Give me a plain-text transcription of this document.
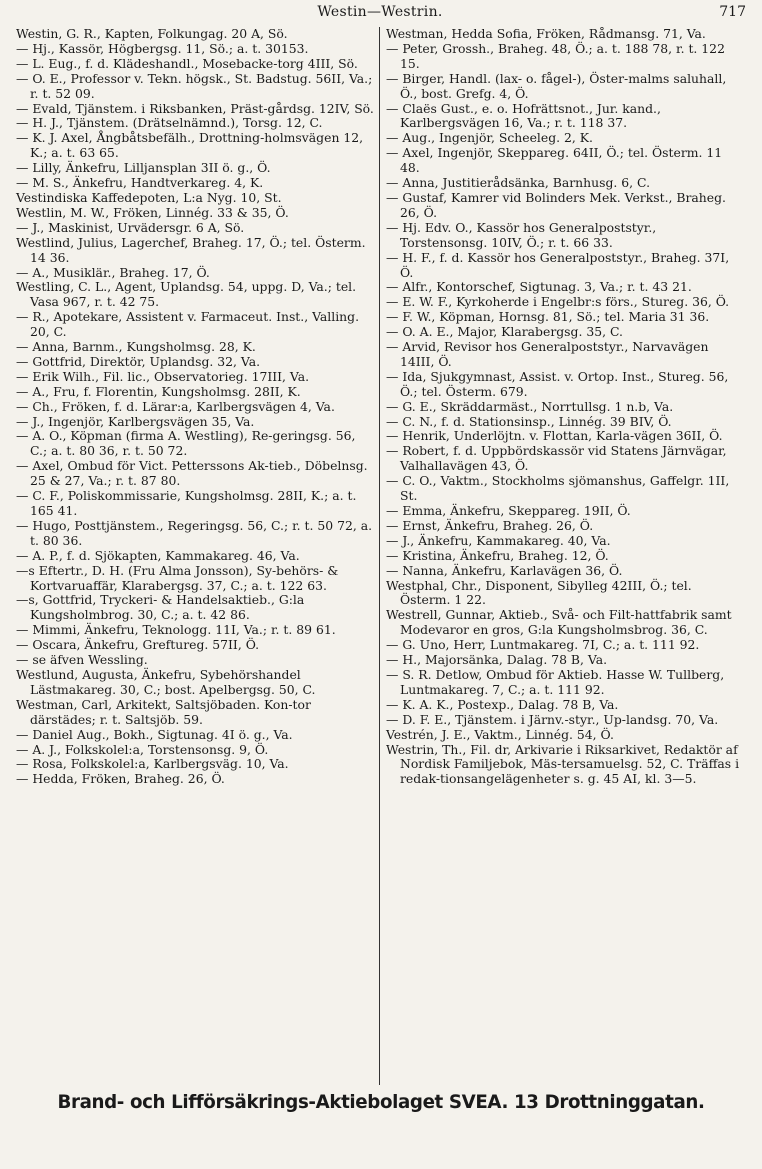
Westin—Westrin.	717
Westin, G. R., Kapten, Folkungag. 20 A, Sö.
— Hj., Kassör, Högbergsg. 11, Sö.; a. t. 30153.
— L. Eug., f. d. Klädeshandl., Mosebacke-torg 4III, Sö.
— O. E., Professor v. Tekn. högsk., St. Badstug. 56II, Va.; r. t. 52 09.
— Evald, Tjänstem. i Riksbanken, Präst-gårdsg. 12IV, Sö.
— H. J., Tjänstem. (Drätselnämnd.), Torsg. 12, C.
— K. J. Axel, Ångbåtsbefälh., Drottning-holmsvägen 12, K.; a. t. 63 65.
— Lilly, Änkefru, Lilljansplan 3II ö. g., Ö.
— M. S., Änkefru, Handtverkareg. 4, K.
Vestindiska Kaffedepoten, L:a Nyg. 10, St.
Westlin, M. W., Fröken, Linnég. 33 & 35, Ö.
— J., Maskinist, Urvädersgr. 6 A, Sö.
Westlind, Julius, Lagerchef, Braheg. 17, Ö.; tel. Österm. 14 36.
— A., Musiklär., Braheg. 17, Ö.
Westling, C. L., Agent, Uplandsg. 54, uppg. D, Va.; tel. Vasa 967, r. t. 42 75.
— R., Apotekare, Assistent v. Farmaceut. Inst., Valling. 20, C.
— Anna, Barnm., Kungsholmsg. 28, K.
— Gottfrid, Direktör, Uplandsg. 32, Va.
— Erik Wilh., Fil. lic., Observatorieg. 17III, Va.
— A., Fru, f. Florentin, Kungsholmsg. 28II, K.
— Ch., Fröken, f. d. Lärar:a, Karlbergsvägen 4, Va.
— J., Ingenjör, Karlbergsvägen 35, Va.
— A. O., Köpman (firma A. Westling), Re-geringsg. 56, C.; a. t. 80 36, r. t. 50 72.
— Axel, Ombud för Vict. Petterssons Ak-tieb., Döbelnsg. 25 & 27, Va.; r. t. 87 80.
— C. F., Poliskommissarie, Kungsholmsg. 28II, K.; a. t. 165 41.
— Hugo, Posttjänstem., Regeringsg. 56, C.; r. t. 50 72, a. t. 80 36.
— A. P., f. d. Sjökapten, Kammakareg. 46, Va.
—s Eftertr., D. H. (Fru Alma Jonsson), Sy-behörs- & Kortvaruaffär, Klarabergsg. 37, C.; a. t. 122 63.
—s, Gottfrid, Tryckeri- & Handelsaktieb., G:la Kungsholmbrog. 30, C.; a. t. 42 86.
— Mimmi, Änkefru, Teknologg. 11I, Va.; r. t. 89 61.
— Oscara, Änkefru, Greftureg. 57II, Ö.
— se äfven Wessling.
Westlund, Augusta, Änkefru, Sybehörshandel Lästmakareg. 30, C.; bost. Apelbergsg. 50, C.
Westman, Carl, Arkitekt, Saltsjöbaden. Kon-tor därstädes; r. t. Saltsjöb. 59.
— Daniel Aug., Bokh., Sigtunag. 4I ö. g., Va.
— A. J., Folkskolel:a, Torstensonsg. 9, Ö.
— Rosa, Folkskolel:a, Karlbergsväg. 10, Va.
— Hedda, Fröken, Braheg. 26, Ö.
Westman, Hedda Sofia, Fröken, Rådmansg. 71, Va.
— Peter, Grossh., Braheg. 48, Ö.; a. t. 188 78, r. t. 122 15.
— Birger, Handl. (lax- o. fågel-), Öster-malms saluhall, Ö., bost. Grefg. 4, Ö.
— Claës Gust., e. o. Hofrättsnot., Jur. kand., Karlbergsvägen 16, Va.; r. t. 118 37.
— Aug., Ingenjör, Scheeleg. 2, K.
— Axel, Ingenjör, Skeppareg. 64II, Ö.; tel. Österm. 11 48.
— Anna, Justitierådsänka, Barnhusg. 6, C.
— Gustaf, Kamrer vid Bolinders Mek. Verkst., Braheg. 26, Ö.
— Hj. Edv. O., Kassör hos Generalpoststyr., Torstensonsg. 10IV, Ö.; r. t. 66 33.
— H. F., f. d. Kassör hos Generalpoststyr., Braheg. 37I, Ö.
— Alfr., Kontorschef, Sigtunag. 3, Va.; r. t. 43 21.
— E. W. F., Kyrkoherde i Engelbr:s förs., Stureg. 36, Ö.
— F. W., Köpman, Hornsg. 81, Sö.; tel. Maria 31 36.
— O. A. E., Major, Klarabergsg. 35, C.
— Arvid, Revisor hos Generalpoststyr., Narvavägen 14III, Ö.
— Ida, Sjukgymnast, Assist. v. Ortop. Inst., Stureg. 56, Ö.; tel. Österm. 679.
— G. E., Skräddarmäst., Norrtullsg. 1 n.b, Va.
— C. N., f. d. Stationsinsp., Linnég. 39 BIV, Ö.
— Henrik, Underlöjtn. v. Flottan, Karla-vägen 36II, Ö.
— Robert, f. d. Uppbördskassör vid Statens Järnvägar, Valhallavägen 43, Ö.
— C. O., Vaktm., Stockholms sjömanshus, Gaffelgr. 1II, St.
— Emma, Änkefru, Skeppareg. 19II, Ö.
— Ernst, Änkefru, Braheg. 26, Ö.
— J., Änkefru, Kammakareg. 40, Va.
— Kristina, Änkefru, Braheg. 12, Ö.
— Nanna, Änkefru, Karlavägen 36, Ö.
Westphal, Chr., Disponent, Sibylleg 42III, Ö.; tel. Österm. 1 22.
Westrell, Gunnar, Aktieb., Svå- och Filt-hattfabrik samt Modevaror en gros, G:la Kungsholmsbrog. 36, C.
— G. Uno, Herr, Luntmakareg. 7I, C.; a. t. 111 92.
— H., Majorsänka, Dalag. 78 B, Va.
— S. R. Detlow, Ombud för Aktieb. Hasse W. Tullberg, Luntmakareg. 7, C.; a. t. 111 92.
— K. A. K., Postexp., Dalag. 78 B, Va.
— D. F. E., Tjänstem. i Järnv.-styr., Up-landsg. 70, Va.
Vestrén, J. E., Vaktm., Linnég. 54, Ö.
Westrin, Th., Fil. dr, Arkivarie i Riksarkivet, Redaktör af Nordisk Familjebok, Mäs-tersamuelsg. 52, C. Träffas i redak-tionsangelägenheter s. g. 45 AI, kl. 3—5.
Brand- och Lifförsäkrings-Aktiebolaget SVEA. 13 Drottninggatan.
